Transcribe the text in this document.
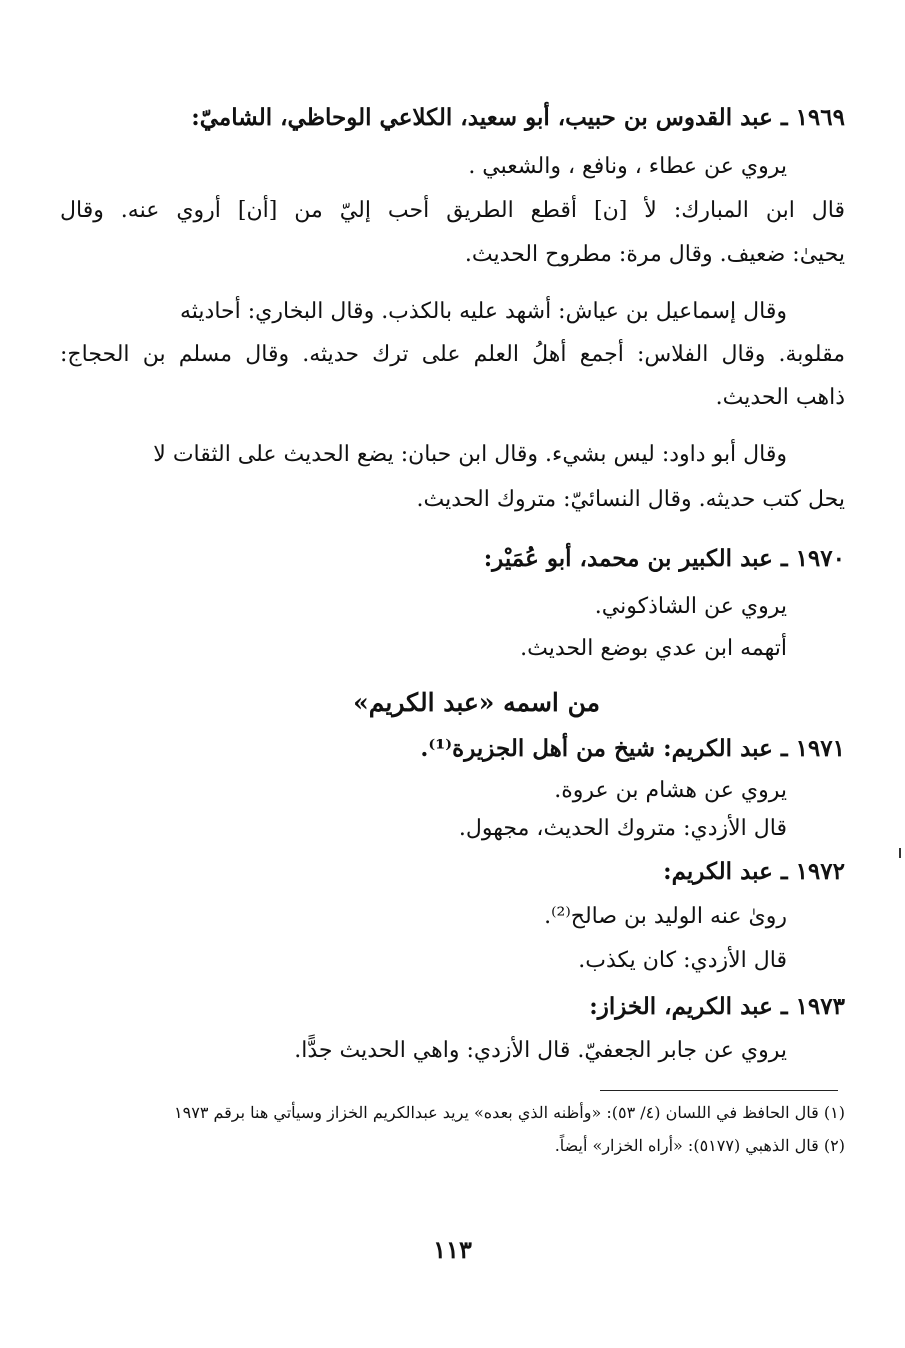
١٩٦٩ ـ عبد القدوس بن حبيب، أبو سعيد، الكلاعي الوحاظي، الشاميّ:
يروي عن عطاء ، ونافع ، والشعبي .
قال ابن المبارك: لأ [ن] أقطع الطريق أحب إليّ من [أن] أروي عنه. وقال
يحيىٰ: ضعيف. وقال مرة: مطروح الحديث.
وقال إسماعيل بن عياش: أشهد عليه بالكذب. وقال البخاري: أحاديثه
مقلوبة. وقال الفلاس: أجمع أهلُ العلم على ترك حديثه. وقال مسلم بن الحجاج:
ذاهب الحديث.
وقال أبو داود: ليس بشيء. وقال ابن حبان: يضع الحديث على الثقات لا
يحل كتب حديثه. وقال النسائيّ: متروك الحديث.
١٩٧٠ ـ عبد الكبير بن محمد، أبو عُمَيْر:
يروي عن الشاذكوني.
أتهمه ابن عدي بوضع الحديث.
من اسمه «عبد الكريم»
١٩٧١ ـ عبد الكريم: شيخ من أهل الجزيرة⁽¹⁾.
يروي عن هشام بن عروة.
قال الأزدي: متروك الحديث، مجهول.
١٩٧٢ ـ عبد الكريم:
رویٰ عنه الوليد بن صالح⁽²⁾.
قال الأزدي: كان يكذب.
١٩٧٣ ـ عبد الكريم، الخزاز:
يروي عن جابر الجعفيّ. قال الأزدي: واهي الحديث جدًّا.
(١) قال الحافظ في اللسان (٤/ ٥٣): «وأظنه الذي بعده» يريد عبدالكريم الخزاز وسيأتي هنا برقم ١٩٧٣
(٢) قال الذهبي (٥١٧٧): «أراه الخزار» أيضاً.
١١٣
